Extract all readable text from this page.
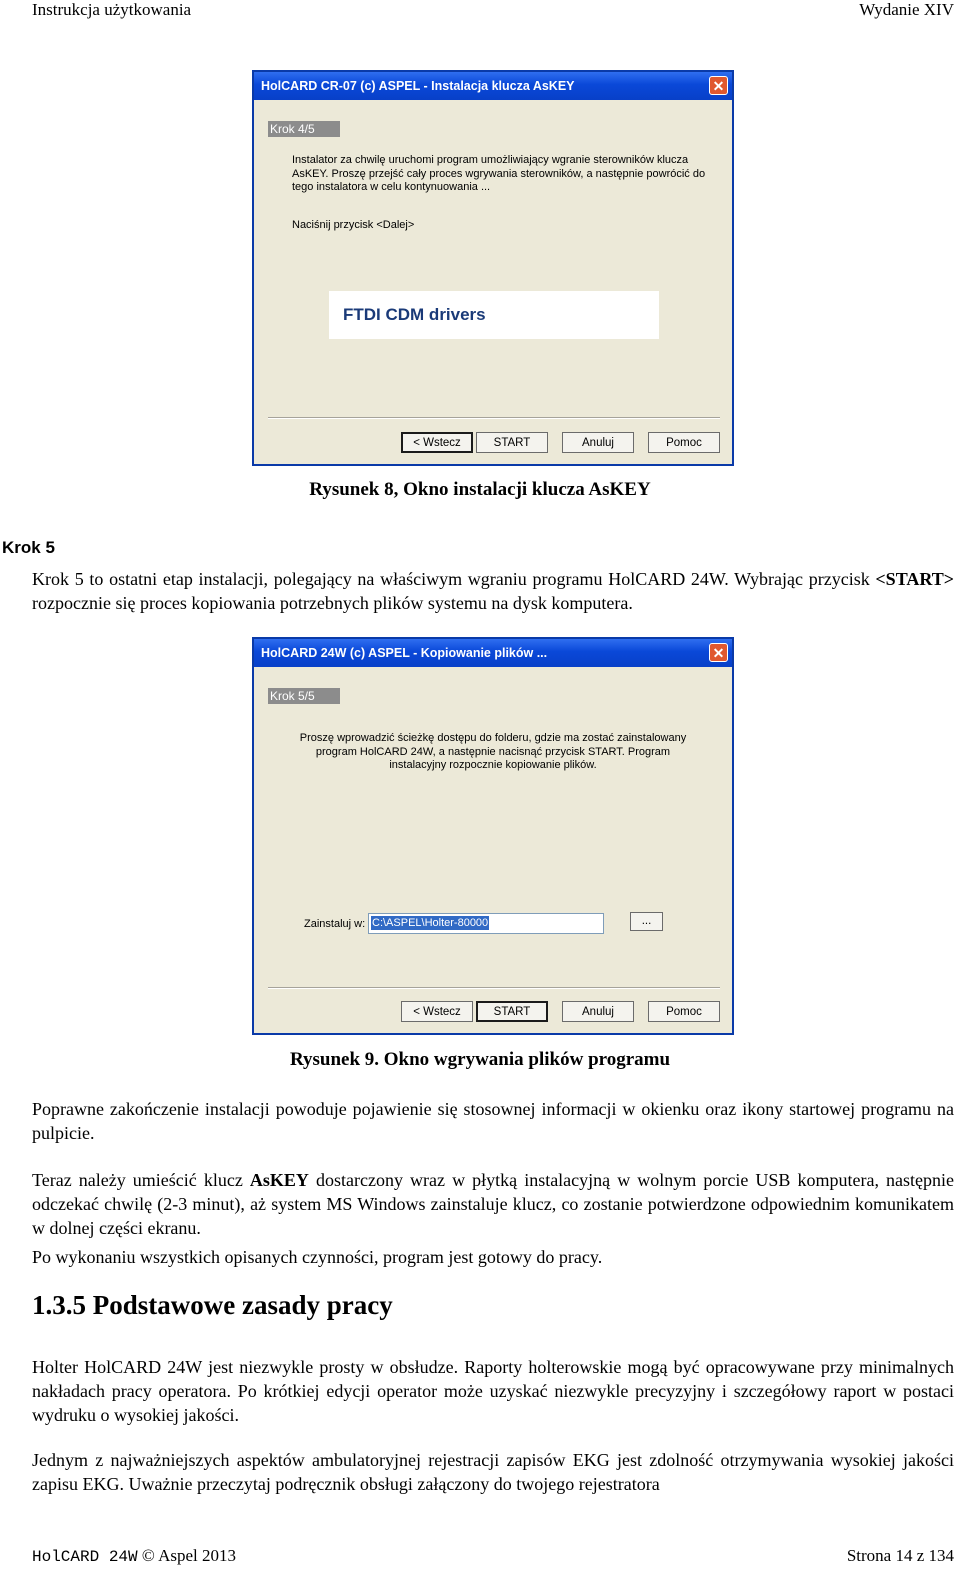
Instrukcja użytkowania	Wydanie XIV
HolCARD CR-07 (c) ASPEL - Instalacja klucza AsKEY	✕
Krok 4/5
Instalator za chwilę uruchomi program umożliwiający wgranie sterowników klucza
AsKEY. Proszę przejść cały proces wgrywania sterowników, a następnie powrócić do
tego instalatora w celu kontynuowania ...
Naciśnij przycisk <Dalej>
FTDI CDM drivers
< Wstecz	START	Anuluj	Pomoc
Rysunek 8, Okno instalacji klucza AsKEY
Krok 5
Krok 5 to ostatni etap instalacji, polegający na właściwym wgraniu programu HolCARD 24W. Wybrając przycisk <START> rozpocznie się proces kopiowania potrzebnych plików systemu na dysk komputera.
HolCARD 24W (c) ASPEL - Kopiowanie plików ...	✕
Krok 5/5
Proszę wprowadzić ścieżkę dostępu do folderu, gdzie ma zostać zainstalowany
program HolCARD 24W, a następnie nacisnąć przycisk START. Program
instalacyjny rozpocznie kopiowanie plików.
Zainstaluj w: C:\ASPEL\Holter-80000	...
< Wstecz	START	Anuluj	Pomoc
Rysunek 9. Okno wgrywania plików programu
Poprawne zakończenie instalacji powoduje pojawienie się stosownej informacji w okienku oraz ikony startowej programu na pulpicie.
Teraz należy umieścić klucz AsKEY dostarczony wraz w płytką instalacyjną w wolnym porcie USB komputera, następnie odczekać chwilę (2-3 minut), aż system MS Windows zainstaluje klucz, co zostanie potwierdzone odpowiednim komunikatem w dolnej części ekranu.
Po wykonaniu wszystkich opisanych czynności, program jest gotowy do pracy.
1.3.5 Podstawowe zasady pracy
Holter HolCARD 24W jest niezwykle prosty w obsłudze. Raporty holterowskie mogą być opracowywane przy minimalnych nakładach pracy operatora. Po krótkiej edycji operator może uzyskać niezwykle precyzyjny i szczegółowy raport w postaci wydruku o wysokiej jakości.
Jednym z najważniejszych aspektów ambulatoryjnej rejestracji zapisów EKG jest zdolność otrzymywania wysokiej jakości zapisu EKG. Uważnie przeczytaj podręcznik obsługi załączony do twojego rejestratora
HolCARD 24W © Aspel 2013	Strona 14 z 134
